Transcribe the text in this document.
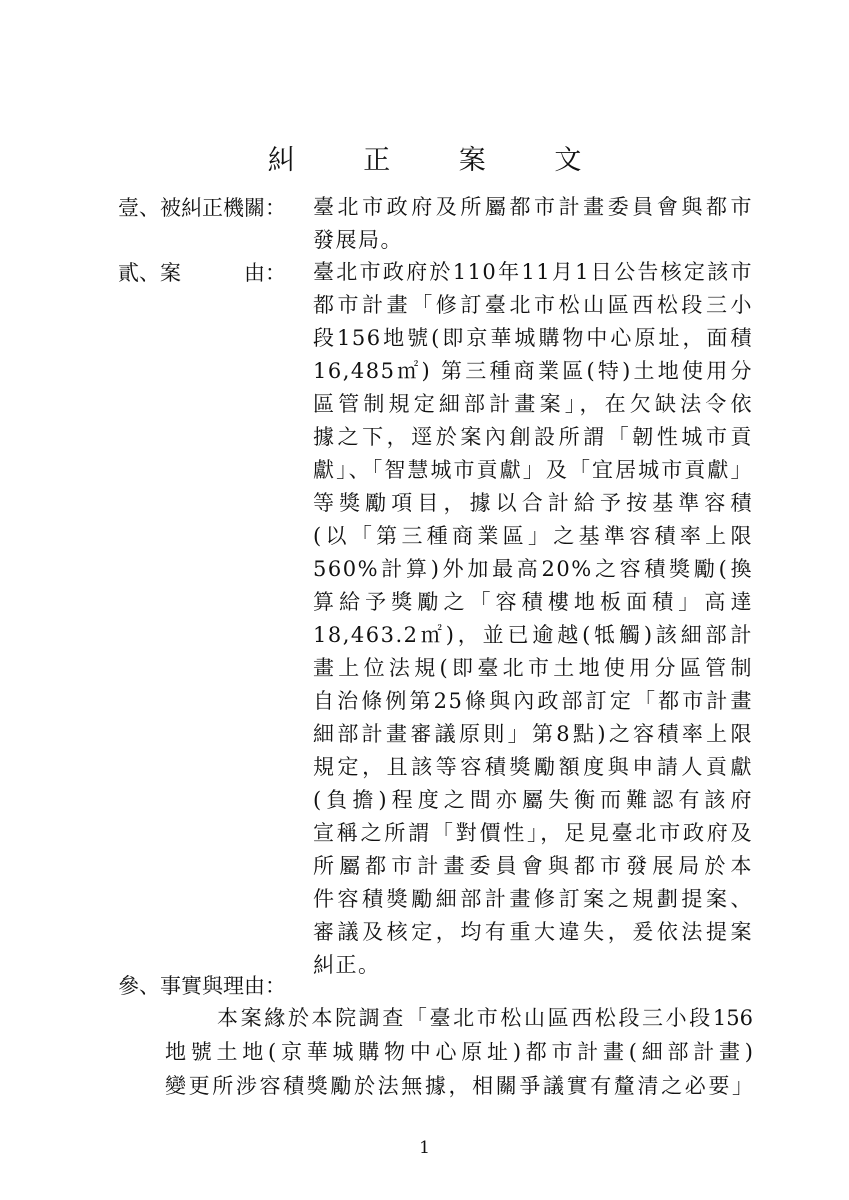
糾 正 案 文
壹、被糾正機關： 臺北市政府及所屬都市計畫委員會與都市
發展局。
貳、案　　　由： 臺北市政府於110年11月1日公告核定該市
都市計畫「修訂臺北市松山區西松段三小
段156地號(即京華城購物中心原址，面積
16,485㎡) 第三種商業區(特)土地使用分
區管制規定細部計畫案」，在欠缺法令依
據之下，逕於案內創設所謂「韌性城市貢
獻」、「智慧城市貢獻」及「宜居城市貢獻」
等獎勵項目，據以合計給予按基準容積
(以「第三種商業區」之基準容積率上限
560%計算)外加最高20%之容積獎勵(換
算給予獎勵之「容積樓地板面積」高達
18,463.2㎡)，並已逾越(牴觸)該細部計
畫上位法規(即臺北市土地使用分區管制
自治條例第25條與內政部訂定「都市計畫
細部計畫審議原則」第8點)之容積率上限
規定，且該等容積獎勵額度與申請人貢獻
(負擔)程度之間亦屬失衡而難認有該府
宣稱之所謂「對價性」，足見臺北市政府及
所屬都市計畫委員會與都市發展局於本
件容積獎勵細部計畫修訂案之規劃提案、
審議及核定，均有重大違失，爰依法提案
糾正。
參、事實與理由：
本案緣於本院調查「臺北市松山區西松段三小段156
地號土地(京華城購物中心原址)都市計畫(細部計畫)
變更所涉容積獎勵於法無據，相關爭議實有釐清之必要」
1
